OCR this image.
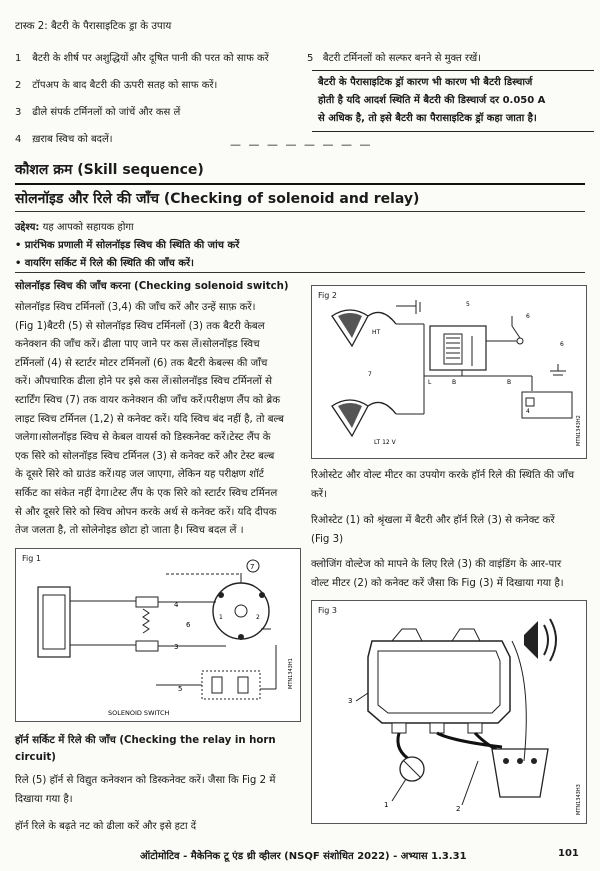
टास्क 2: बैटरी के पैरासाइटिक ड्रा के उपाय
1 बैटरी के शीर्ष पर अशुद्धियों और दूषित पानी की परत को साफ करें
2 टॉपअप के बाद बैटरी की ऊपरी सतह को साफ करें।
3 ढीले संपर्क टर्मिनलों को जांचें और कस लें
4 ख़राब स्विच को बदलें।
5 बैटरी टर्मिनलों को सल्फर बनने से मुक्त रखें।
बैटरी के पैरासाइटिक ड्रॉ कारण भी कारण भी बैटरी डिस्चार्ज
होती है यदि आदर्श स्थिति में बैटरी की डिस्चार्ज दर 0.050 A
से अधिक है, तो इसे बैटरी का पैरासाइटिक ड्रॉ कहा जाता है।
— — — — — — — —
कौशल क्रम (Skill sequence)
सोलनॉइड और रिले की जाँच (Checking of solenoid and relay)
उद्देश्य: यह आपको सहायक होगा
• प्रारंभिक प्रणाली में सोलनॉइड स्विच की स्थिति की जांच करें
• वायरिंग सर्किट में रिले की स्थिति की जाँच करें।
सोलनॉइड स्विच की जाँच करना (Checking solenoid switch)
सोलनॉइड स्विच टर्मिनलों (3,4) की जाँच करें और उन्हें साफ़ करें।
(Fig 1)बैटरी (5) से सोलनॉइड स्विच टर्मिनलों (3) तक बैटरी केबल
कनेक्शन की जाँच करें। ढीला पाए जाने पर कस लें।सोलनॉइड स्विच
टर्मिनलों (4) से स्टार्टर मोटर टर्मिनलों (6) तक बैटरी केबल्स की जाँच
करें। औपचारिक ढीला होने पर इसे कस लें।सोलनॉइड स्विच टर्मिनलों से
स्टार्टिंग स्विच (7) तक वायर कनेक्शन की जाँच करें।परीक्षण लैंप को ब्रेक
लाइट स्विच टर्मिनल (1,2) से कनेक्ट करें। यदि स्विच बंद नहीं है, तो बल्ब
जलेगा।सोलनॉइड स्विच से केबल वायर्स को डिस्कनेक्ट करें।टेस्ट लैंप के
एक सिरे को सोलनॉइड स्विच टर्मिनल (3) से कनेक्ट करें और टेस्ट बल्ब
के दूसरे सिरे को ग्राउंड करें।यह जल जाएगा, लेकिन यह परीक्षण शॉर्ट
सर्किट का संकेत नहीं देगा।टेस्ट लैंप के एक सिरे को स्टार्टर स्विच टर्मिनल
से और दूसरे सिरे को स्विच ओपन करके अर्थ से कनेक्ट करें। यदि दीपक
तेज जलता है, तो सोलेनोइड छोटा हो जाता है। स्विच बदल लें ।
Fig 1
7
4
3
6
5
1	2
SOLENOID SWITCH
MTN1343H1
हॉर्न सर्किट में रिले की जाँच (Checking the relay in horn
circuit)
रिले (5) हॉर्न से विद्युत कनेक्शन को डिस्कनेक्ट करें। जैसा कि Fig 2 में
दिखाया गया है।
हॉर्न रिले के बढ़ते नट को ढीला करें और इसे हटा दें
Fig 2
HT
LT 12 V
L	B	B
4
5
6
6
7
MTN1343H2
रिओस्टेट और वोल्ट मीटर का उपयोग करके हॉर्न रिले की स्थिति की जाँच
करें।
रिओस्टेट (1) को श्रृंखला में बैटरी और हॉर्न रिले (3) से कनेक्ट करें
(Fig 3)
क्लोजिंग वोल्टेज को मापने के लिए रिले (3) की वाइंडिंग के आर-पार
वोल्ट मीटर (2) को कनेक्ट करें जैसा कि Fig (3) में दिखाया गया है।
Fig 3
3
1	2	MTN1343H3
ऑटोमोटिव - मैकेनिक टू एंड थ्री व्हीलर (NSQF संशोधित 2022) - अभ्यास 1.3.31	101
